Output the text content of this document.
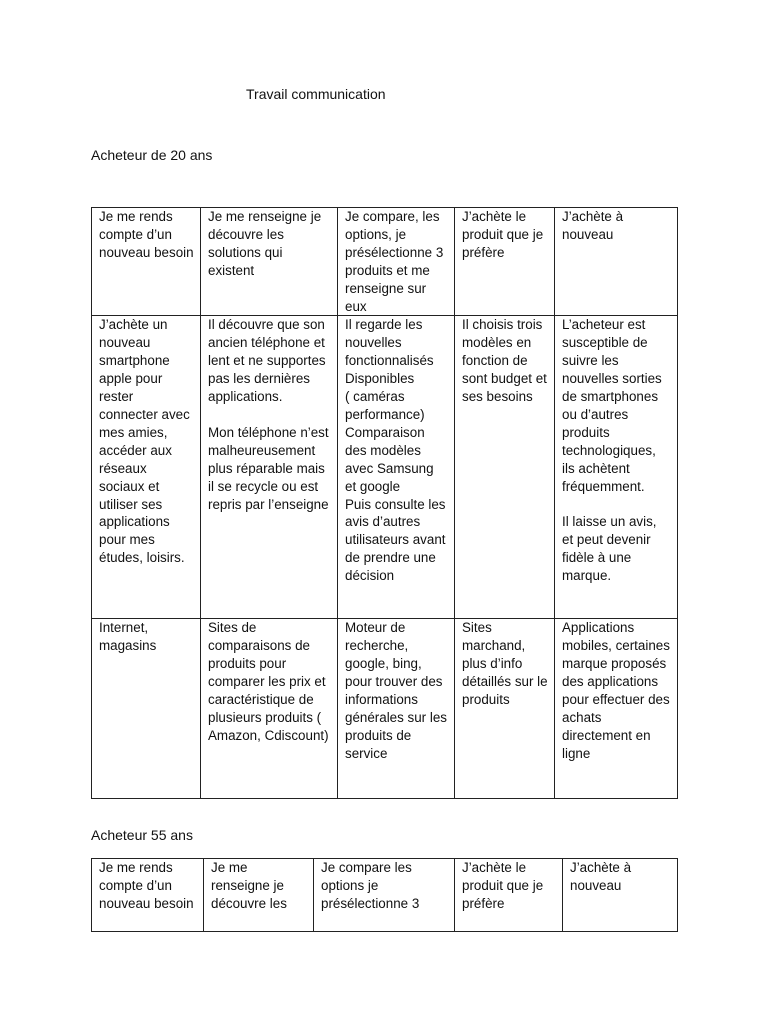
Travail communication
Acheteur de 20 ans
Je me rends compte d’un nouveau besoin	Je me renseigne je découvre les solutions qui existent	Je compare, les options, je présélectionne 3 produits et me renseigne sur eux	J’achète le produit que je préfère	J’achète à nouveau
J’achète un nouveau smartphone apple pour rester connecter avec mes amies, accéder aux réseaux sociaux et utiliser ses applications pour mes études, loisirs.	Il découvre que son ancien téléphone et lent et ne supportes pas les dernières applications.

Mon téléphone n’est malheureusement plus réparable mais il se recycle ou est repris par l’enseigne	Il regarde les nouvelles fonctionnalisés Disponibles
( caméras performance)
Comparaison des modèles avec Samsung et google
Puis consulte les avis d’autres utilisateurs avant de prendre une décision	Il choisis trois modèles en fonction de sont budget et ses besoins	L’acheteur est susceptible de suivre les nouvelles sorties de smartphones ou d’autres produits technologiques, ils achètent fréquemment.

Il laisse un avis, et peut devenir fidèle à une marque.
Internet, magasins	Sites de comparaisons de produits pour comparer les prix et caractéristique de plusieurs produits (
Amazon, Cdiscount)	Moteur de recherche, google, bing, pour trouver des informations générales sur les produits de service	Sites marchand, plus d’info détaillés sur le produits	Applications mobiles, certaines marque proposés des applications pour effectuer des achats directement en ligne
Acheteur 55 ans
Je me rends compte d’un nouveau besoin	Je me renseigne je découvre les	Je compare les options je présélectionne 3	J’achète le produit que je préfère	J’achète à nouveau
